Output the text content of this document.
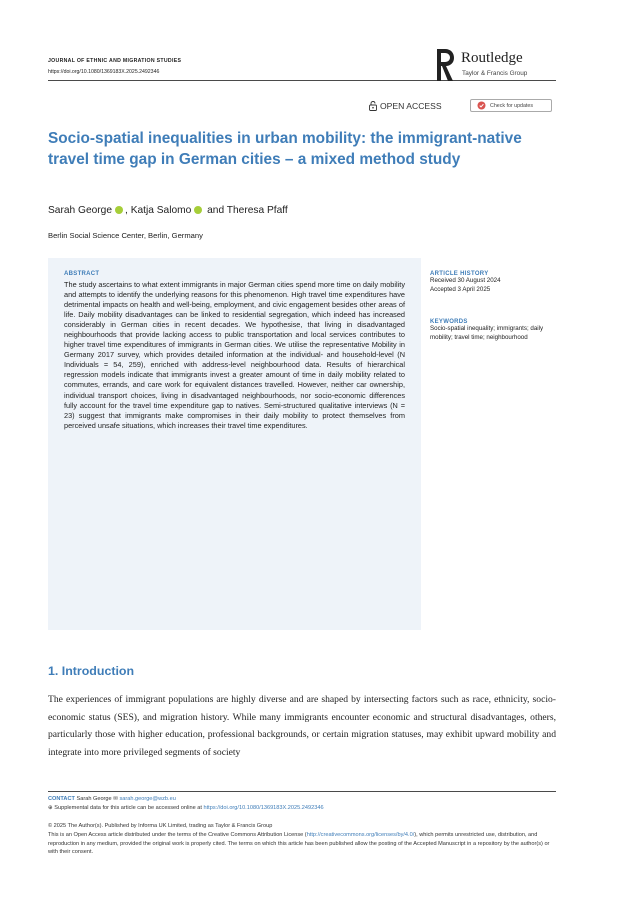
JOURNAL OF ETHNIC AND MIGRATION STUDIES
https://doi.org/10.1080/1369183X.2025.2492346
Routledge
Taylor & Francis Group
OPEN ACCESS	Check for updates
Socio-spatial inequalities in urban mobility: the immigrant-native travel time gap in German cities – a mixed method study
Sarah George , Katja Salomo and Theresa Pfaff
Berlin Social Science Center, Berlin, Germany
ABSTRACT
The study ascertains to what extent immigrants in major German cities spend more time on daily mobility and attempts to identify the underlying reasons for this phenomenon. High travel time expenditures have detrimental impacts on health and well-being, employment, and civic engagement besides other areas of life. Daily mobility disadvantages can be linked to residential segregation, which indeed has increased considerably in German cities in recent decades. We hypothesise, that living in disadvantaged neighbourhoods that provide lacking access to public transportation and local services contributes to higher travel time expenditures of immigrants in German cities. We utilise the representative Mobility in Germany 2017 survey, which provides detailed information at the individual- and household-level (N Individuals = 54, 259), enriched with address-level neighbourhood data. Results of hierarchical regression models indicate that immigrants invest a greater amount of time in daily mobility related to commutes, errands, and care work for equivalent distances travelled. However, neither car ownership, individual transport choices, living in disadvantaged neighbourhoods, nor socio-economic differences fully account for the travel time expenditure gap to natives. Semi-structured qualitative interviews (N = 23) suggest that immigrants make compromises in their daily mobility to protect themselves from perceived unsafe situations, which increases their travel time expenditures.
ARTICLE HISTORY
Received 30 August 2024
Accepted 3 April 2025
KEYWORDS
Socio-spatial inequality; immigrants; daily mobility; travel time; neighbourhood
1. Introduction
The experiences of immigrant populations are highly diverse and are shaped by intersecting factors such as race, ethnicity, socio-economic status (SES), and migration history. While many immigrants encounter economic and structural disadvantages, others, particularly those with higher education, professional backgrounds, or certain migration statuses, may exhibit upward mobility and integrate into more privileged segments of society
CONTACT Sarah George ✉ sarah.george@wzb.eu
⊕ Supplemental data for this article can be accessed online at https://doi.org/10.1080/1369183X.2025.2492346
© 2025 The Author(s). Published by Informa UK Limited, trading as Taylor & Francis Group
This is an Open Access article distributed under the terms of the Creative Commons Attribution License (http://creativecommons.org/licenses/by/4.0/), which permits unrestricted use, distribution, and reproduction in any medium, provided the original work is properly cited. The terms on which this article has been published allow the posting of the Accepted Manuscript in a repository by the author(s) or with their consent.
